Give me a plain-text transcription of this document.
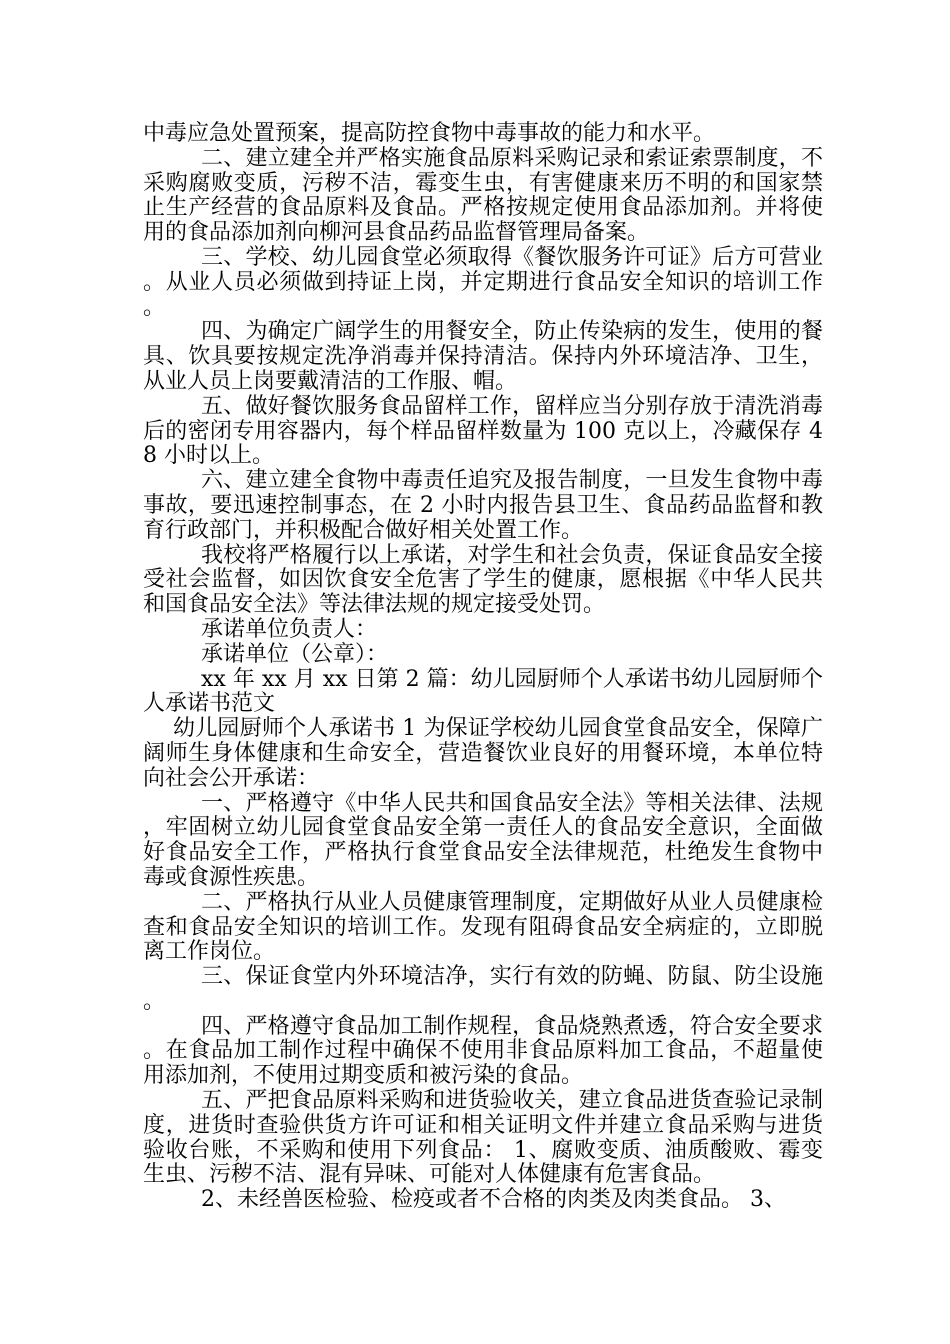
中毒应急处置预案，提高防控食物中毒事故的能力和水平。

二、建立建全并严格实施食品原料采购记录和索证索票制度，不采购腐败变质，污秽不洁，霉变生虫，有害健康来历不明的和国家禁止生产经营的食品原料及食品。严格按规定使用食品添加剂。并将使用的食品添加剂向柳河县食品药品监督管理局备案。

三、学校、幼儿园食堂必须取得《餐饮服务许可证》后方可营业。从业人员必须做到持证上岗，并定期进行食品安全知识的培训工作。

四、为确定广阔学生的用餐安全，防止传染病的发生，使用的餐具、饮具要按规定洗净消毒并保持清洁。保持内外环境洁净、卫生，从业人员上岗要戴清洁的工作服、帽。

五、做好餐饮服务食品留样工作，留样应当分别存放于清洗消毒后的密闭专用容器内，每个样品留样数量为 100 克以上，冷藏保存 48 小时以上。

六、建立建全食物中毒责任追究及报告制度，一旦发生食物中毒事故，要迅速控制事态，在 2 小时内报告县卫生、食品药品监督和教育行政部门，并积极配合做好相关处置工作。

我校将严格履行以上承诺，对学生和社会负责，保证食品安全接受社会监督，如因饮食安全危害了学生的健康，愿根据《中华人民共和国食品安全法》等法律法规的规定接受处罚。

承诺单位负责人：

承诺单位（公章）：

xx 年 xx 月 xx 日第 2 篇：幼儿园厨师个人承诺书幼儿园厨师个人承诺书范文

幼儿园厨师个人承诺书 1 为保证学校幼儿园食堂食品安全，保障广阔师生身体健康和生命安全，营造餐饮业良好的用餐环境，本单位特向社会公开承诺：

一、严格遵守《中华人民共和国食品安全法》等相关法律、法规，牢固树立幼儿园食堂食品安全第一责任人的食品安全意识，全面做好食品安全工作，严格执行食堂食品安全法律规范，杜绝发生食物中毒或食源性疾患。

二、严格执行从业人员健康管理制度，定期做好从业人员健康检查和食品安全知识的培训工作。发现有阻碍食品安全病症的，立即脱离工作岗位。

三、保证食堂内外环境洁净，实行有效的防蝇、防鼠、防尘设施。

四、严格遵守食品加工制作规程，食品烧熟煮透，符合安全要求。在食品加工制作过程中确保不使用非食品原料加工食品，不超量使用添加剂，不使用过期变质和被污染的食品。

五、严把食品原料采购和进货验收关，建立食品进货查验记录制度，进货时查验供货方许可证和相关证明文件并建立食品采购与进货验收台账，不采购和使用下列食品： 1、腐败变质、油质酸败、霉变生虫、污秽不洁、混有异味、可能对人体健康有危害食品。

2、未经兽医检验、检疫或者不合格的肉类及肉类食品。 3、
